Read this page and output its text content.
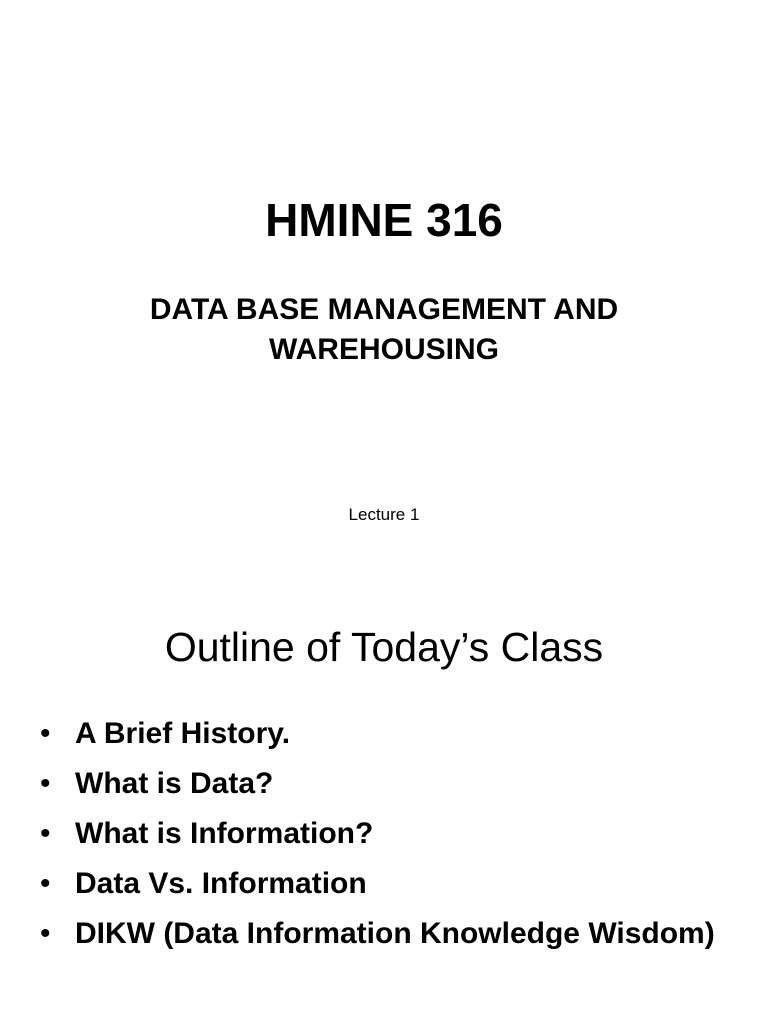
HMINE 316
DATA BASE MANAGEMENT AND
WAREHOUSING
Lecture 1
Outline of Today’s Class
• A Brief History.
• What is Data?
• What is Information?
• Data Vs. Information
• DIKW (Data Information Knowledge Wisdom)
